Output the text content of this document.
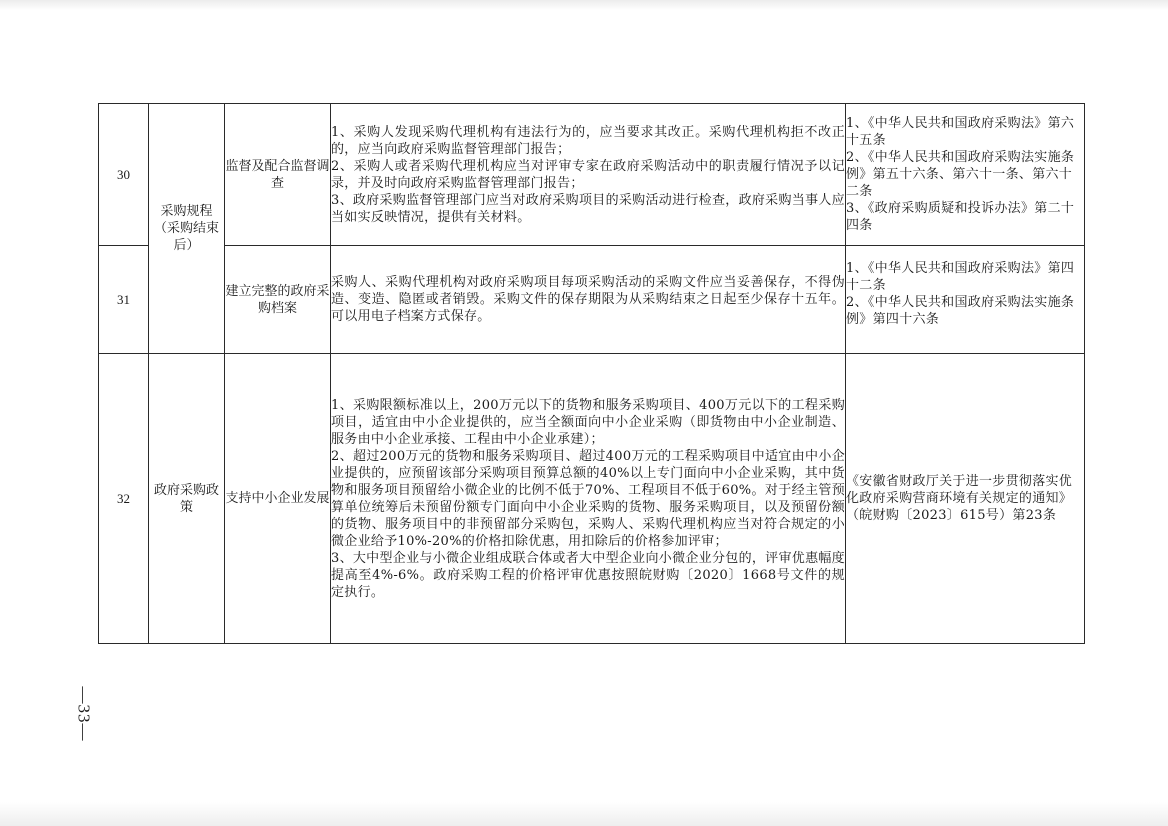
30	采购规程（采购结束后）	监督及配合监督调查	1、采购人发现采购代理机构有违法行为的，应当要求其改正。采购代理机构拒不改正的，应当向政府采购监督管理部门报告；
2、采购人或者采购代理机构应当对评审专家在政府采购活动中的职责履行情况予以记录，并及时向政府采购监督管理部门报告；
3、政府采购监督管理部门应当对政府采购项目的采购活动进行检查，政府采购当事人应当如实反映情况，提供有关材料。	1、《中华人民共和国政府采购法》第六十五条
2、《中华人民共和国政府采购法实施条例》第五十六条、第六十一条、第六十二条
3、《政府采购质疑和投诉办法》第二十四条

31		建立完整的政府采购档案	采购人、采购代理机构对政府采购项目每项采购活动的采购文件应当妥善保存，不得伪造、变造、隐匿或者销毁。采购文件的保存期限为从采购结束之日起至少保存十五年。可以用电子档案方式保存。	1、《中华人民共和国政府采购法》第四十二条
2、《中华人民共和国政府采购法实施条例》第四十六条

32	政府采购政策	支持中小企业发展	1、采购限额标准以上，200万元以下的货物和服务采购项目、400万元以下的工程采购项目，适宜由中小企业提供的，应当全额面向中小企业采购（即货物由中小企业制造、服务由中小企业承接、工程由中小企业承建）；
2、超过200万元的货物和服务采购项目、超过400万元的工程采购项目中适宜由中小企业提供的，应预留该部分采购项目预算总额的40%以上专门面向中小企业采购，其中货物和服务项目预留给小微企业的比例不低于70%、工程项目不低于60%。对于经主管预算单位统筹后未预留份额专门面向中小企业采购的货物、服务采购项目，以及预留份额的货物、服务项目中的非预留部分采购包，采购人、采购代理机构应当对符合规定的小微企业给予10%-20%的价格扣除优惠，用扣除后的价格参加评审；
3、大中型企业与小微企业组成联合体或者大中型企业向小微企业分包的，评审优惠幅度提高至4%-6%。政府采购工程的价格评审优惠按照皖财购〔2020〕1668号文件的规定执行。	《安徽省财政厅关于进一步贯彻落实优化政府采购营商环境有关规定的通知》（皖财购〔2023〕615号）第23条
—33—
